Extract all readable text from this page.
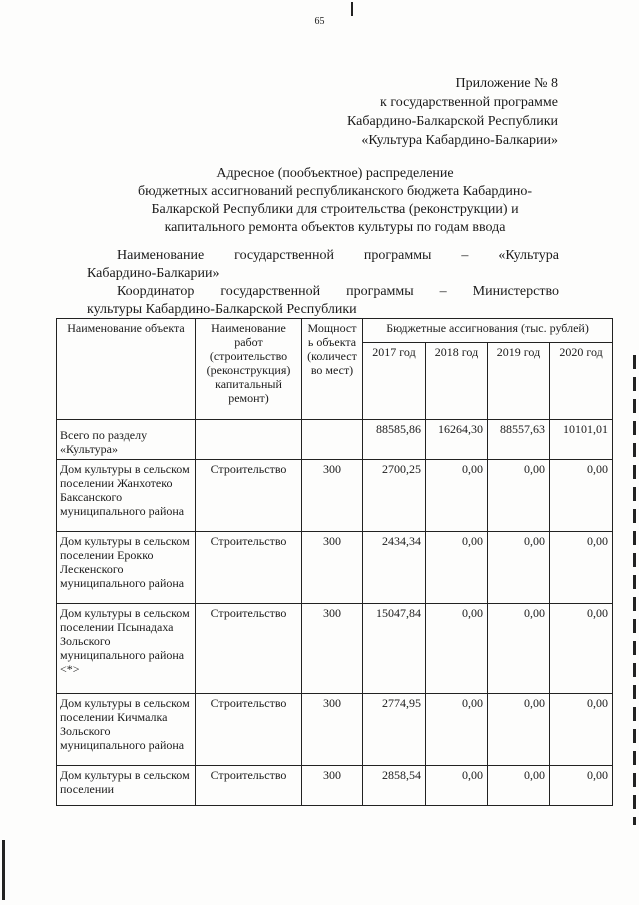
65
Приложение № 8
к государственной программе
Кабардино-Балкарской Республики
«Культура Кабардино-Балкарии»
Адресное (пообъектное) распределение
бюджетных ассигнований республиканского бюджета Кабардино-
Балкарской Республики для строительства (реконструкции) и
капитального ремонта объектов культуры по годам ввода
Наименование государственной программы – «Культура
Кабардино-Балкарии»
Координатор государственной программы – Министерство
культуры Кабардино-Балкарской Республики
Наименование объекта	Наименование работ (строительство (реконструкция) капитальный ремонт)	Мощност ь объекта (количест во мест)	Бюджетные ассигнования (тыс. рублей)			
			2017 год	2018 год	2019 год	2020 год
Всего по разделу «Культура»			88585,86	16264,30	88557,63	10101,01
Дом культуры в сельском поселении Жанхотеко Баксанского муниципального района	Строительство	300	2700,25	0,00	0,00	0,00
Дом культуры в сельском поселении Ерокко Лескенского муниципального района	Строительство	300	2434,34	0,00	0,00	0,00
Дом культуры в сельском поселении Псынадаха Зольского муниципального района <*>	Строительство	300	15047,84	0,00	0,00	0,00
Дом культуры в сельском поселении Кичмалка Зольского муниципального района	Строительство	300	2774,95	0,00	0,00	0,00
Дом культуры в сельском поселении	Строительство	300	2858,54	0,00	0,00	0,00
